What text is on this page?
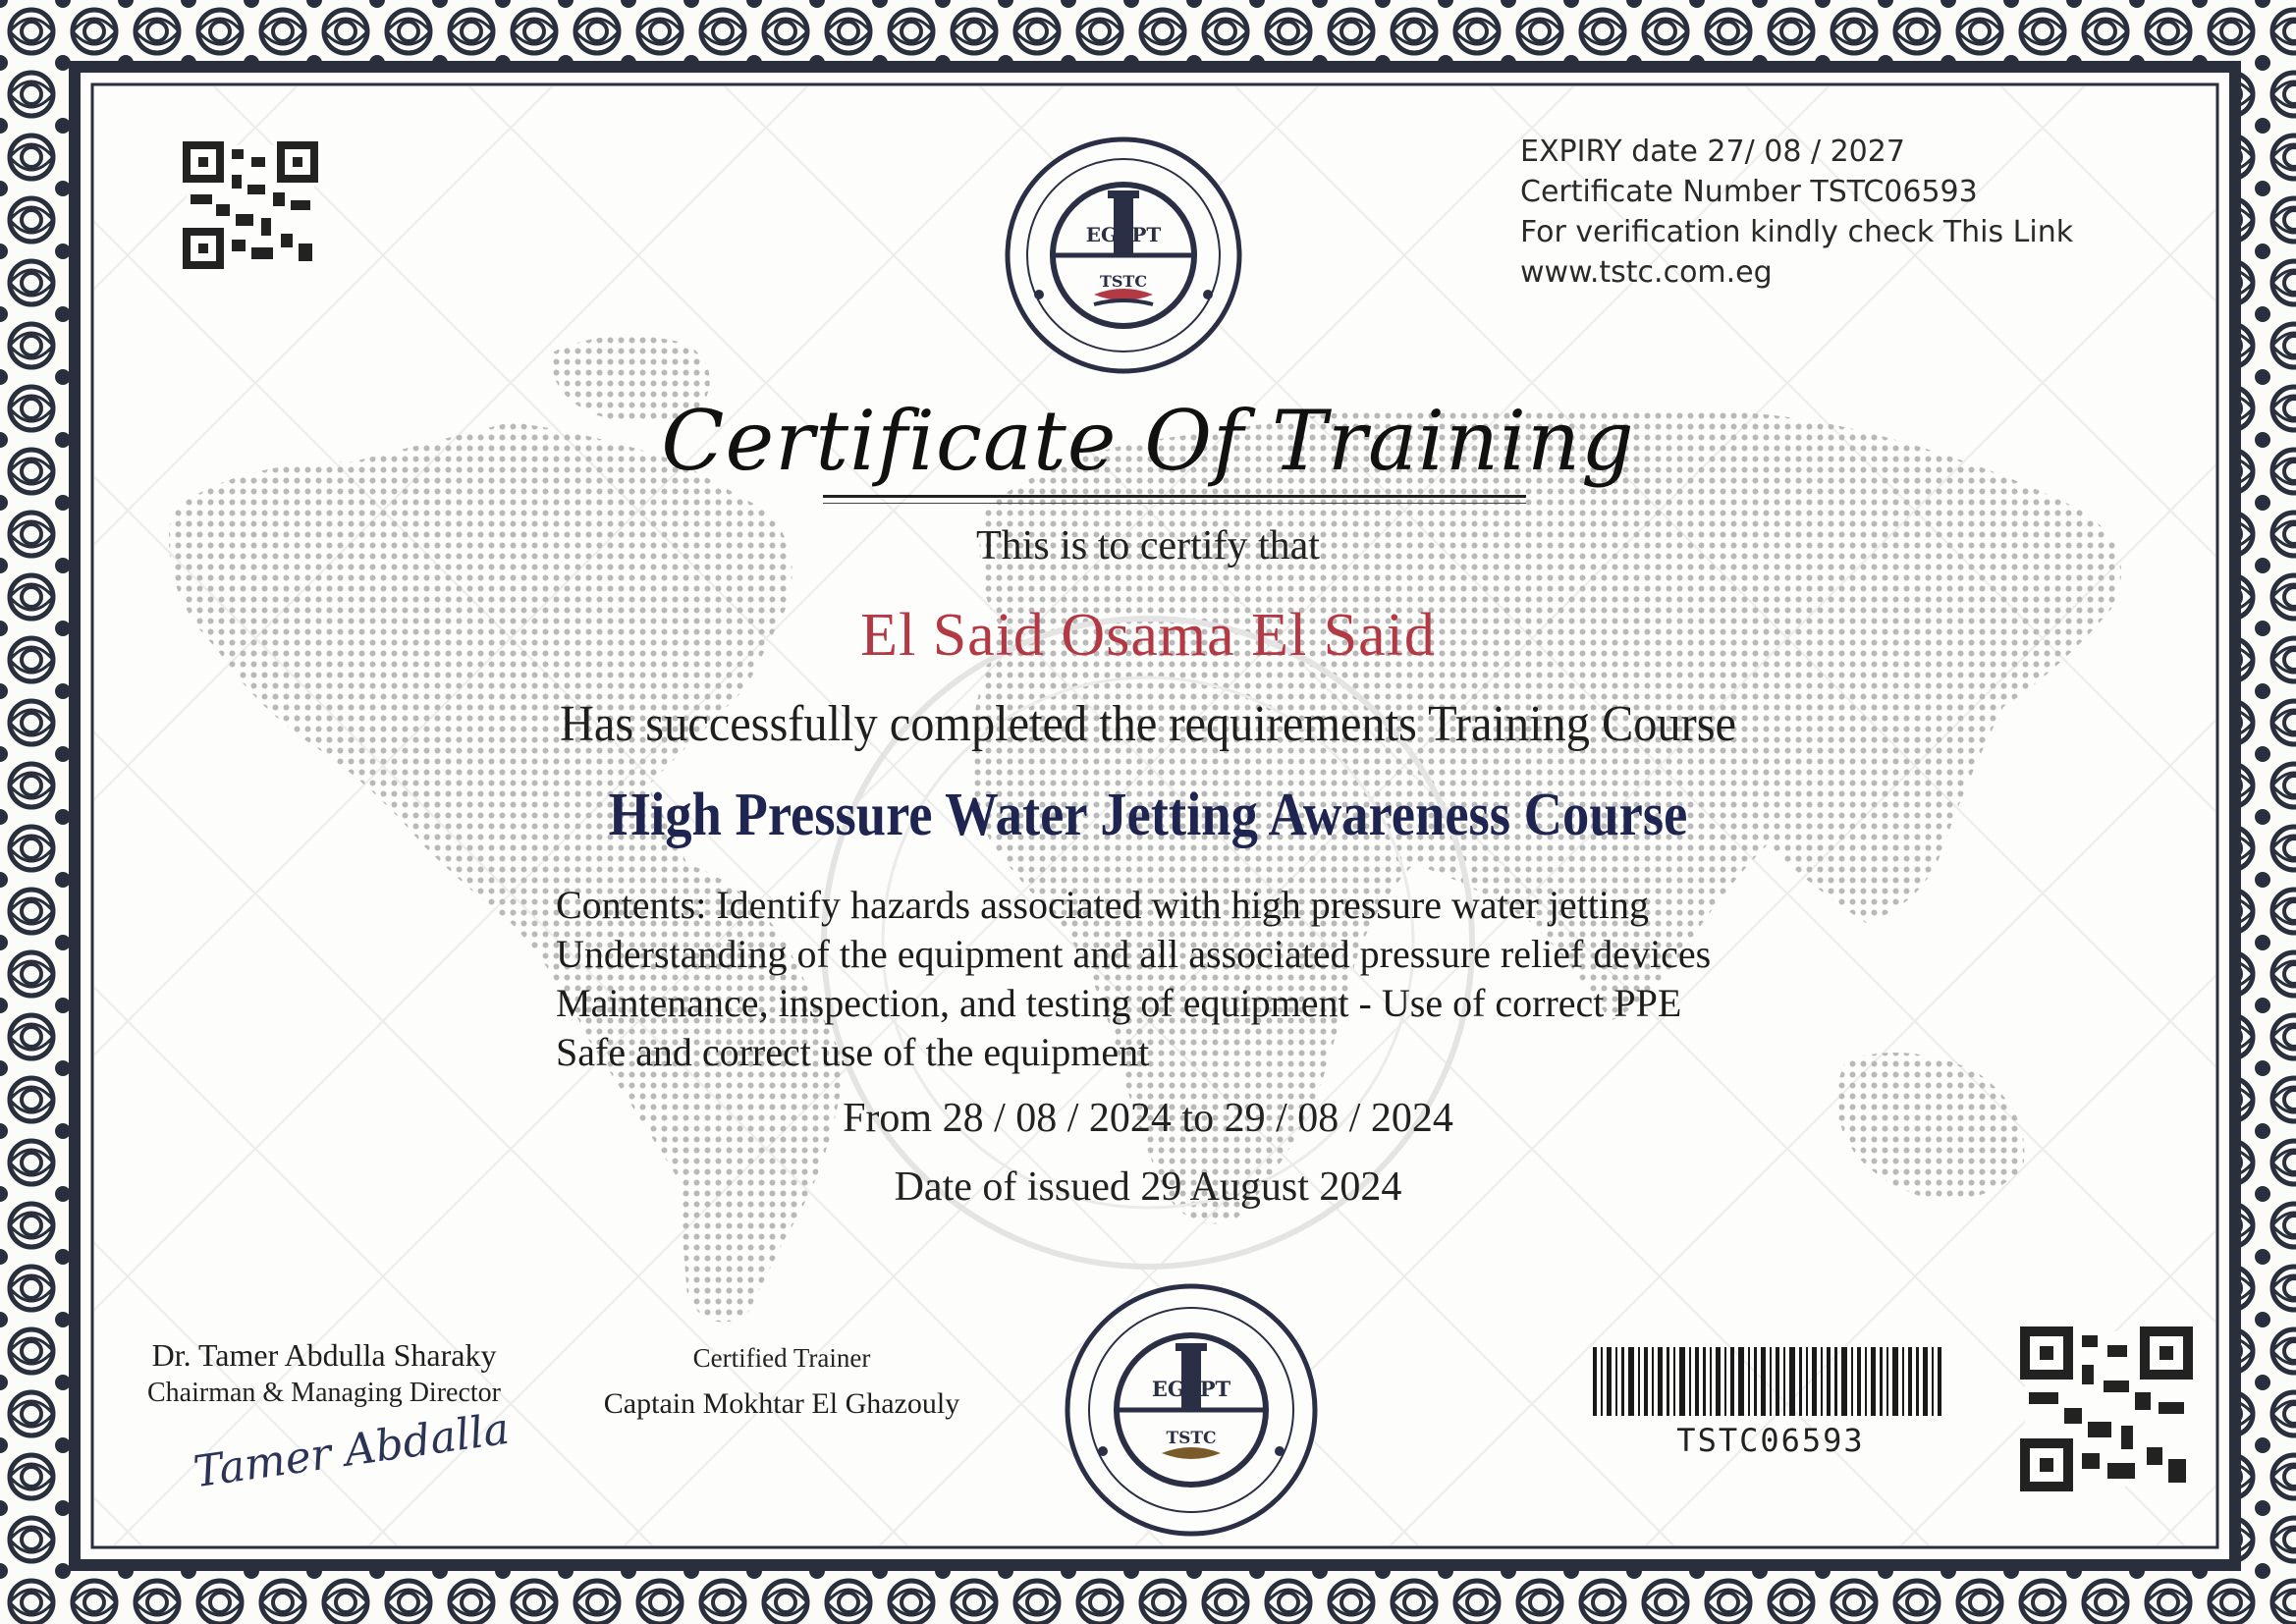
EGYPT
TSTC
EGYPT
TSTC
EXPIRY date 27/ 08 / 2027
Certificate Number TSTC06593
For verification kindly check This Link
www.tstc.com.eg
Certificate Of Training
This is to certify that
El Said Osama El Said
Has successfully completed the requirements Training Course
High Pressure Water Jetting Awareness Course
Contents: Identify hazards associated with high pressure water jetting
Understanding of the equipment and all associated pressure relief devices
Maintenance, inspection, and testing of equipment - Use of correct PPE
Safe and correct use of the equipment
From 28 / 08 / 2024 to 29 / 08 / 2024
Date of issued 29 August 2024
Dr. Tamer Abdulla Sharaky
Chairman & Managing Director
Tamer Abdalla
Certified Trainer
Captain Mokhtar El Ghazouly
TSTC06593
